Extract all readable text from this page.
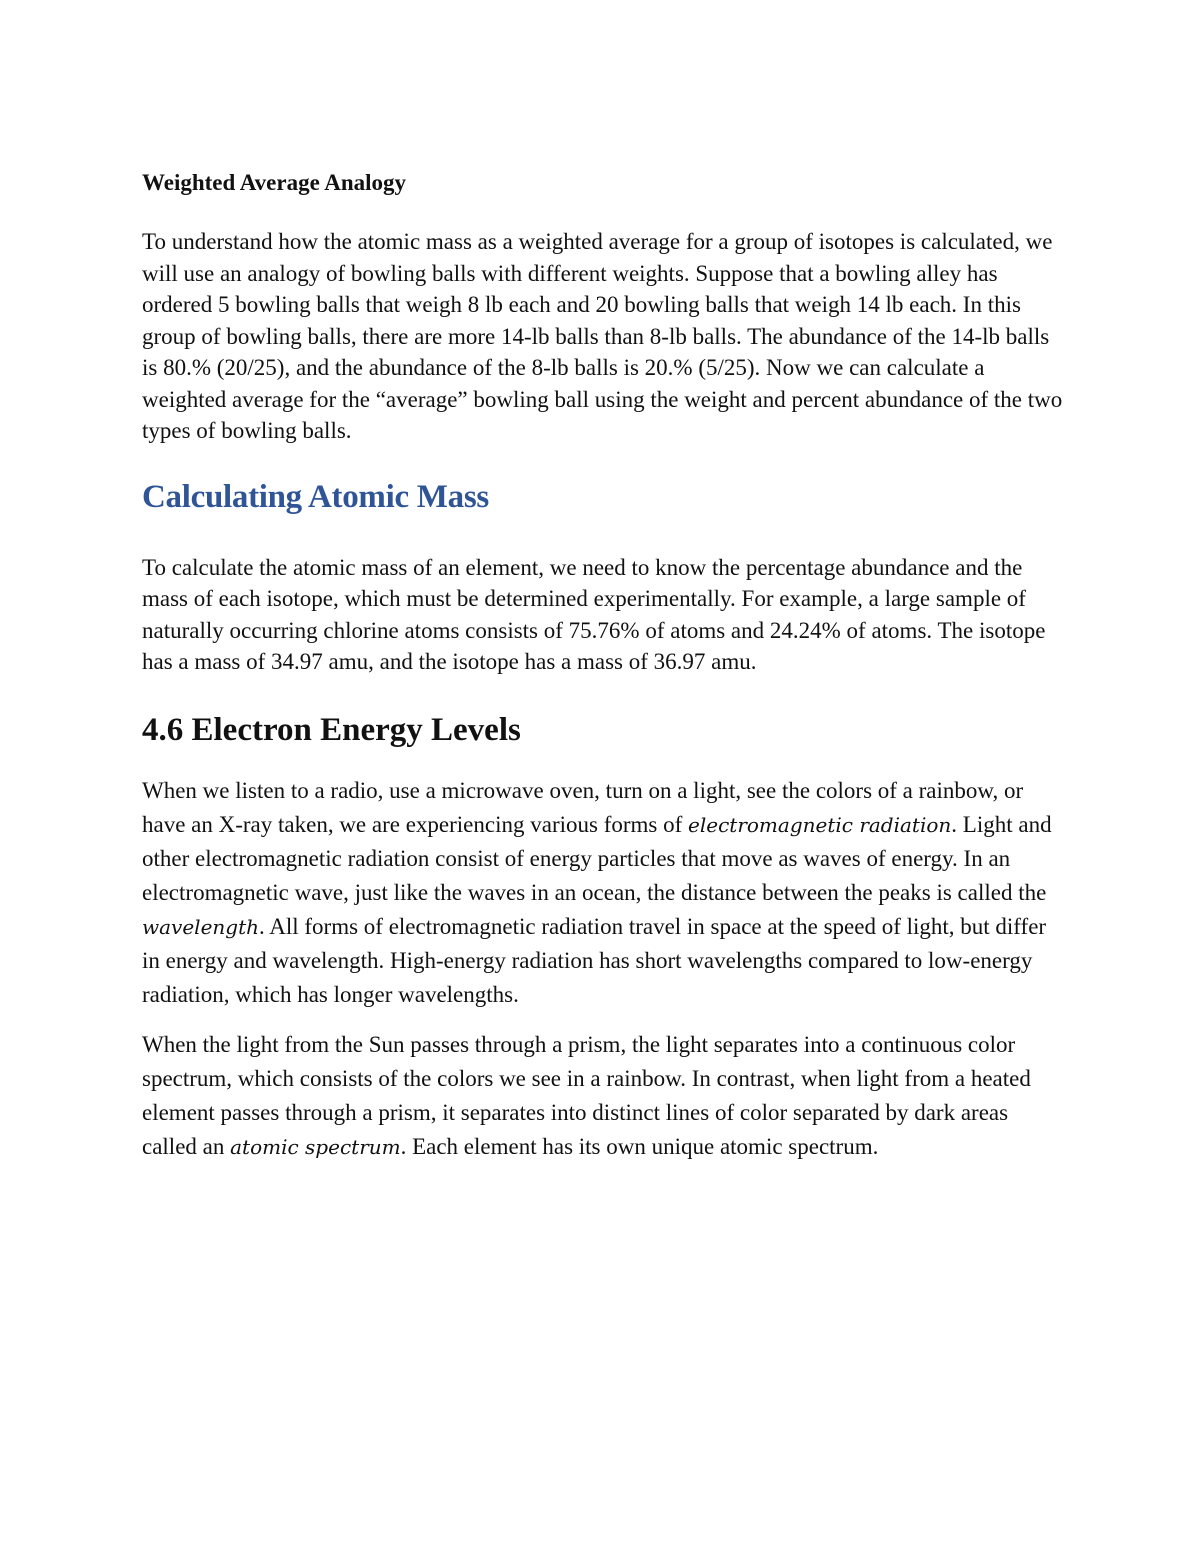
Weighted Average Analogy

To understand how the atomic mass as a weighted average for a group of isotopes is calculated, we will use an analogy of bowling balls with different weights. Suppose that a bowling alley has ordered 5 bowling balls that weigh 8 lb each and 20 bowling balls that weigh 14 lb each. In this group of bowling balls, there are more 14-lb balls than 8-lb balls. The abundance of the 14-lb balls is 80.% (20/25), and the abundance of the 8-lb balls is 20.% (5/25). Now we can calculate a weighted average for the “average” bowling ball using the weight and percent abundance of the two types of bowling balls.

Calculating Atomic Mass

To calculate the atomic mass of an element, we need to know the percentage abundance and the mass of each isotope, which must be determined experimentally. For example, a large sample of naturally occurring chlorine atoms consists of 75.76% of atoms and 24.24% of atoms. The isotope has a mass of 34.97 amu, and the isotope has a mass of 36.97 amu.

4.6 Electron Energy Levels

When we listen to a radio, use a microwave oven, turn on a light, see the colors of a rainbow, or have an X-ray taken, we are experiencing various forms of electromagnetic radiation. Light and other electromagnetic radiation consist of energy particles that move as waves of energy. In an electromagnetic wave, just like the waves in an ocean, the distance between the peaks is called the wavelength. All forms of electromagnetic radiation travel in space at the speed of light, but differ in energy and wavelength. High-energy radiation has short wavelengths compared to low-energy radiation, which has longer wavelengths.

When the light from the Sun passes through a prism, the light separates into a continuous color spectrum, which consists of the colors we see in a rainbow. In contrast, when light from a heated element passes through a prism, it separates into distinct lines of color separated by dark areas called an atomic spectrum. Each element has its own unique atomic spectrum.
